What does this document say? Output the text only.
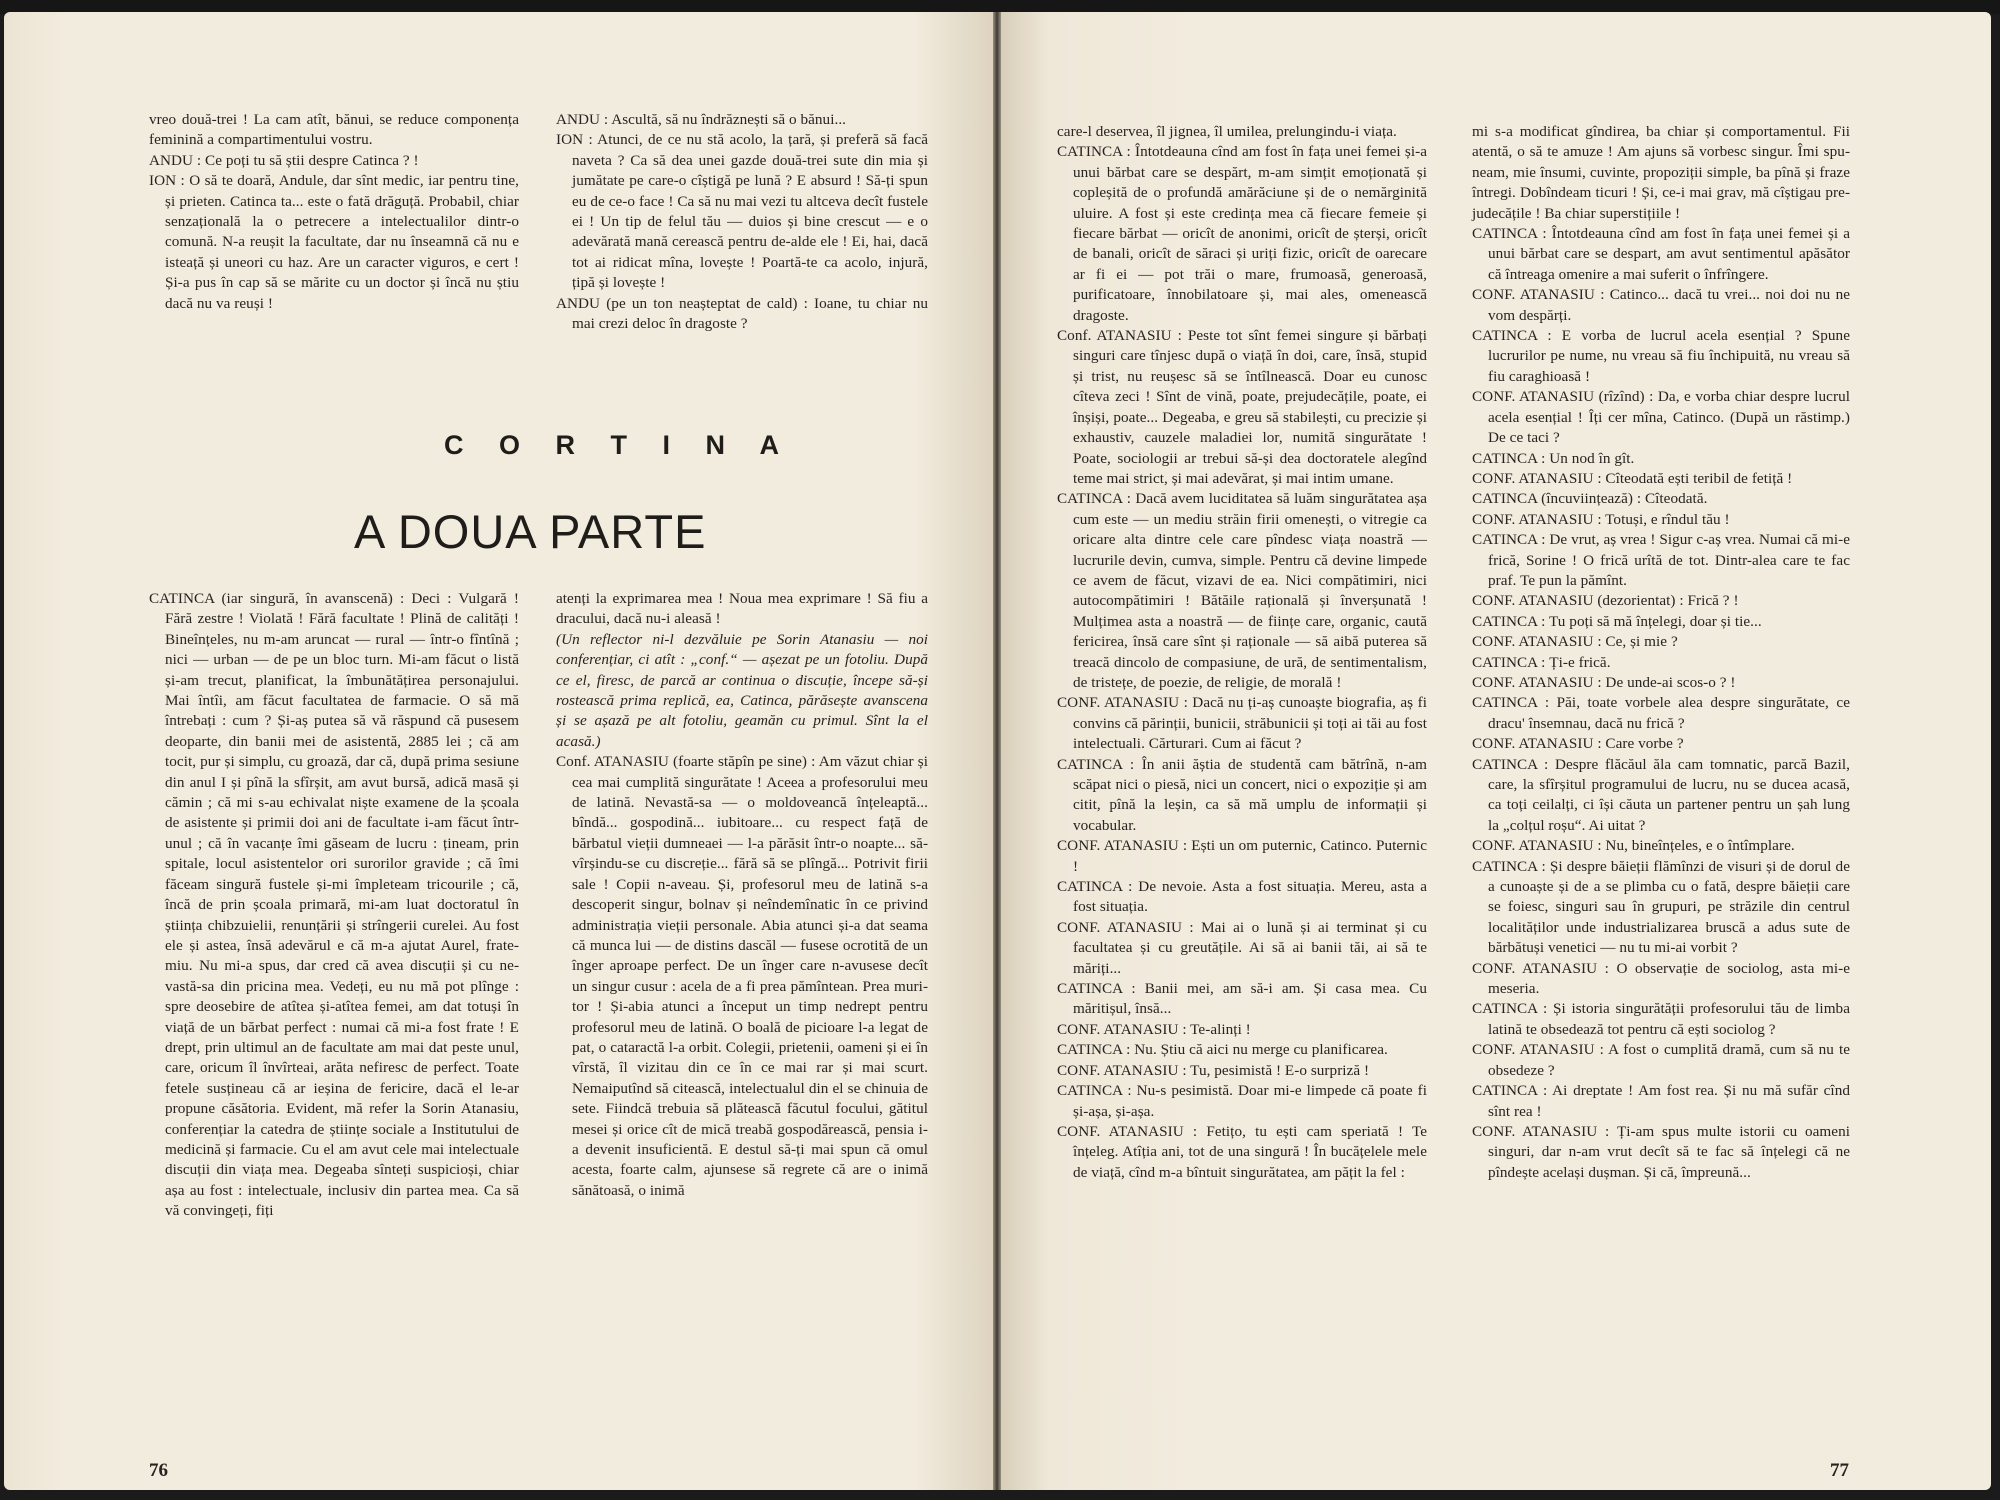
vreo două-trei ! La cam atît, bănui, se reduce componența feminină a compartimentului vostru.

ANDU : Ce poți tu să știi despre Catinca ? !

ION : O să te doară, Andule, dar sînt medic, iar pentru tine, și prieten. Catinca ta... este o fată drăguță. Probabil, chiar senzațională la o petrecere a intelectualilor dintr-o comună. N-a reușit la facultate, dar nu înseamnă că nu e isteață și uneori cu haz. Are un caracter viguros, e cert ! Și-a pus în cap să se mărite cu un doctor și încă nu știu dacă nu va reuși !

ANDU : Ascultă, să nu îndrăznești să o bănui...

ION : Atunci, de ce nu stă acolo, la țară, și preferă să facă naveta ? Ca să dea unei gazde două-trei sute din mia și jumătate pe care-o cîștigă pe lună ? E absurd ! Să-ți spun eu de ce-o face ! Ca să nu mai vezi tu altceva decît fustele ei ! Un tip de felul tău — duios și bine crescut — e o adevărată mană cerească pentru de-alde ele ! Ei, hai, dacă tot ai ridicat mîna, lovește ! Poartă-te ca acolo, injură, țipă și lovește !

ANDU (pe un ton neașteptat de cald) : Ioane, tu chiar nu mai crezi deloc în dragoste ?

C O R T I N A
A DOUA PARTE

CATINCA (iar singură, în avanscenă) : Deci : Vulgară ! Fără zestre ! Violată ! Fără facultate ! Plină de calități ! Bineînțeles, nu m-am aruncat — rural — într-o fîntînă ; nici — urban — de pe un bloc turn. Mi-am făcut o listă și-am trecut, planificat, la îmbunătățirea personajului. Mai întîi, am făcut facultatea de farmacie. O să mă întrebați : cum ? Și-aș putea să vă răspund că pusesem deoparte, din banii mei de asistentă, 2885 lei ; că am tocit, pur și simplu, cu groază, dar că, după prima sesiune din anul I și pînă la sfîrșit, am avut bursă, adică masă și cămin ; că mi s-au echivalat niște examene de la școala de asistente și primii doi ani de facultate i-am făcut într-unul ; că în vacanțe îmi găseam de lucru : țineam, prin spitale, locul asistentelor ori surorilor gravide ; că îmi făceam singură fustele și-mi împleteam tricourile ; că, încă de prin școala primară, mi-am luat doctoratul în știința chibzuielii, renunțării și strîngerii curelei. Au fost ele și astea, însă adevărul e că m-a ajutat Aurel, frate-miu. Nu mi-a spus, dar cred că avea discuții și cu nevastă-sa din pricina mea. Vedeți, eu nu mă pot plînge : spre deosebire de atîtea și-atîtea femei, am dat totuși în viață de un bărbat perfect : numai că mi-a fost frate ! E drept, prin ultimul an de facultate am mai dat peste unul, care, oricum îl învîrteai, arăta nefiresc de perfect. Toate fetele susțineau că ar ieșina de fericire, dacă el le-ar propune căsătoria. Evident, mă refer la Sorin Atanasiu, conferențiar la catedra de științe sociale a Institutului de medicină și farmacie. Cu el am avut cele mai intelectuale discuții din viața mea. Degeaba sînteți suspicioși, chiar așa au fost : intelectuale, inclusiv din partea mea. Ca să vă convingeți, fiți

atenți la exprimarea mea ! Noua mea exprimare ! Să fiu a dracului, dacă nu-i aleasă !

(Un reflector ni-l dezvăluie pe Sorin Atanasiu — noi conferențiar, ci atît : „conf.“ — așezat pe un fotoliu. După ce el, firesc, de parcă ar continua o discuție, începe să-și rostească prima replică, ea, Catinca, părăsește avanscena și se așază pe alt fotoliu, geamăn cu primul. Sînt la el acasă.)

Conf. ATANASIU (foarte stăpîn pe sine) : Am văzut chiar și cea mai cumplită singurătate ! Aceea a profesorului meu de latină. Nevastă-sa — o moldoveancă înțeleaptă... bîndă... gospodină... iubitoare... cu respect față de bărbatul vieții dumneaei — l-a părăsit într-o noapte... săvîrșindu-se cu discreție... fără să se plîngă... Potrivit firii sale ! Copii n-aveau. Și, profesorul meu de latină s-a descoperit singur, bolnav și neîndemînatic în ce privind administrația vieții personale. Abia atunci și-a dat seama că munca lui — de distins dascăl — fusese ocrotită de un înger aproape perfect. De un înger care n-avusese decît un singur cusur : acela de a fi prea pămîntean. Prea muritor ! Și-abia atunci a început un timp nedrept pentru profesorul meu de latină. O boală de picioare l-a legat de pat, o cataractă l-a orbit. Colegii, prietenii, oameni și ei în vîrstă, îl vizitau din ce în ce mai rar și mai scurt. Nemaiputînd să citească, intelectualul din el se chinuia de sete. Fiindcă trebuia să plătească făcutul focului, gătitul mesei și orice cît de mică treabă gospodărească, pensia i-a devenit insuficientă. E destul să-ți mai spun că omul acesta, foarte calm, ajunsese să regrete că are o inimă sănătoasă, o inimă

76

care-l deservea, îl jignea, îl umilea, prelungindu-i viața.

CATINCA : Întotdeauna cînd am fost în fața unei femei și-a unui bărbat care se despărt, m-am simțit emoționată și copleșită de o profundă amărăciune și de o nemărginită uluire. A fost și este credința mea că fiecare femeie și fiecare bărbat — oricît de anonimi, oricît de șterși, oricît de banali, oricît de săraci și uriți fizic, oricît de oarecare ar fi ei — pot trăi o mare, frumoasă, generoasă, purificatoare, înnobilatoare și, mai ales, omenească dragoste.

Conf. ATANASIU : Peste tot sînt femei singure și bărbați singuri care tînjesc după o viață în doi, care, însă, stupid și trist, nu reușesc să se întîlnească. Doar eu cunosc cîteva zeci ! Sînt de vină, poate, prejudecățile, poate, ei înșiși, poate... Degeaba, e greu să stabilești, cu precizie și exhaustiv, cauzele maladiei lor, numită singurătate ! Poate, sociologii ar trebui să-și dea doctoratele alegînd teme mai strict, și mai adevărat, și mai intim umane.

CATINCA : Dacă avem luciditatea să luăm singurătatea așa cum este — un mediu străin firii omenești, o vitregie ca oricare alta dintre cele care pîndesc viața noastră — lucrurile devin, cumva, simple. Pentru că devine limpede ce avem de făcut, vizavi de ea. Nici compătimiri, nici autocompătimiri ! Bătăile rațională și înverșunată ! Mulțimea asta a noastră — de ființe care, organic, caută fericirea, însă care sînt și raționale — să aibă puterea să treacă dincolo de compasiune, de ură, de sentimentalism, de tristețe, de poezie, de religie, de morală !

CONF. ATANASIU : Dacă nu ți-aș cunoaște biografia, aș fi convins că părinții, bunicii, străbunicii și toți ai tăi au fost intelectuali. Cărturari. Cum ai făcut ?

CATINCA : În anii ăștia de studentă cam bătrînă, n-am scăpat nici o piesă, nici un concert, nici o expoziție și am citit, pînă la leșin, ca să mă umplu de informații și vocabular.

CONF. ATANASIU : Ești un om puternic, Catinco. Puternic !

CATINCA : De nevoie. Asta a fost situația. Mereu, asta a fost situația.

CONF. ATANASIU : Mai ai o lună și ai terminat și cu facultatea și cu greutățile. Ai să ai banii tăi, ai să te măriți...

CATINCA : Banii mei, am să-i am. Și casa mea. Cu măritișul, însă...

CONF. ATANASIU : Te-alinți !

CATINCA : Nu. Știu că aici nu merge cu planificarea.

CONF. ATANASIU : Tu, pesimistă ! E-o surpriză !

CATINCA : Nu-s pesimistă. Doar mi-e limpede că poate fi și-așa, și-așa.

CONF. ATANASIU : Fetițo, tu ești cam speriată ! Te înțeleg. Atîția ani, tot de una singură ! În bucățelele mele de viață, cînd m-a bîntuit singurătatea, am pățit la fel :

mi s-a modificat gîndirea, ba chiar și comportamentul. Fii atentă, o să te amuze ! Am ajuns să vorbesc singur. Îmi spuneam, mie însumi, cuvinte, propoziții simple, ba pînă și fraze întregi. Dobîndeam ticuri ! Și, ce-i mai grav, mă cîștigau prejudecățile ! Ba chiar superstițiile !

CATINCA : Întotdeauna cînd am fost în fața unei femei și a unui bărbat care se despart, am avut sentimentul apăsător că întreaga omenire a mai suferit o înfrîngere.

CONF. ATANASIU : Catinco... dacă tu vrei... noi doi nu ne vom despărți.

CATINCA : E vorba de lucrul acela esențial ? Spune lucrurilor pe nume, nu vreau să fiu închipuită, nu vreau să fiu caraghioasă !

CONF. ATANASIU (rîzînd) : Da, e vorba chiar despre lucrul acela esențial ! Îți cer mîna, Catinco. (După un răstimp.) De ce taci ?

CATINCA : Un nod în gît.

CONF. ATANASIU : Cîteodată ești teribil de fetiță !

CATINCA (încuviințează) : Cîteodată.

CONF. ATANASIU : Totuși, e rîndul tău !

CATINCA : De vrut, aș vrea ! Sigur c-aș vrea. Numai că mi-e frică, Sorine ! O frică urîtă de tot. Dintr-alea care te fac praf. Te pun la pămînt.

CONF. ATANASIU (dezorientat) : Frică ? !

CATINCA : Tu poți să mă înțelegi, doar și tie...

CONF. ATANASIU : Ce, și mie ?

CATINCA : Ți-e frică.

CONF. ATANASIU : De unde-ai scos-o ? !

CATINCA : Păi, toate vorbele alea despre singurătate, ce dracu' însemnau, dacă nu frică ?

CONF. ATANASIU : Care vorbe ?

CATINCA : Despre flăcăul ăla cam tomnatic, parcă Bazil, care, la sfîrșitul programului de lucru, nu se ducea acasă, ca toți ceilalți, ci își căuta un partener pentru un șah lung la „colțul roșu“. Ai uitat ?

CONF. ATANASIU : Nu, bineînțeles, e o întîmplare.

CATINCA : Și despre băieții flămînzi de visuri și de dorul de a cunoaște și de a se plimba cu o fată, despre băieții care se foiesc, singuri sau în grupuri, pe străzile din centrul localităților unde industrializarea bruscă a adus sute de bărbătuși venetici — nu tu mi-ai vorbit ?

CONF. ATANASIU : O observație de sociolog, asta mi-e meseria.

CATINCA : Și istoria singurătății profesorului tău de limba latină te obsedează tot pentru că ești sociolog ?

CONF. ATANASIU : A fost o cumplită dramă, cum să nu te obsedeze ?

CATINCA : Ai dreptate ! Am fost rea. Și nu mă sufăr cînd sînt rea !

CONF. ATANASIU : Ți-am spus multe istorii cu oameni singuri, dar n-am vrut decît să te fac să înțelegi că ne pîndește același dușman. Și că, împreună...

77
